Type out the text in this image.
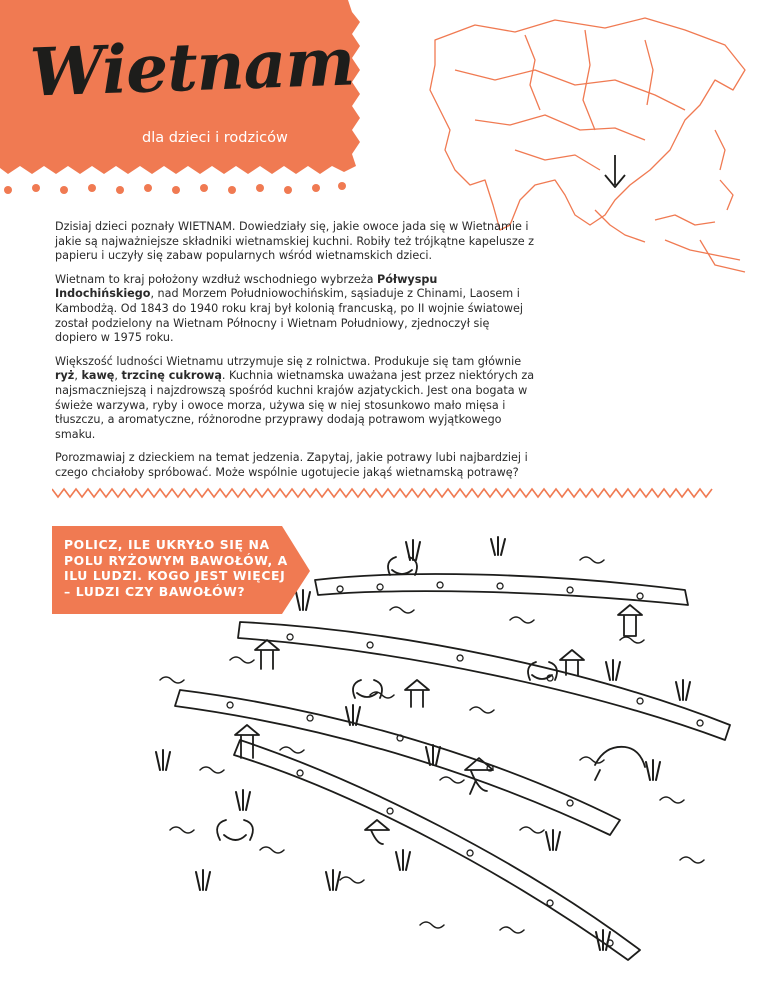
Wietnam
dla dzieci i rodziców

Dzisiaj dzieci poznały WIETNAM. Dowiedziały się, jakie owoce jada się w Wietnamie i jakie są najważniejsze składniki wietnamskiej kuchni. Robiły też trójkątne kapelusze z papieru i uczyły się zabaw popularnych wśród wietnamskich dzieci.

Wietnam to kraj położony wzdłuż wschodniego wybrzeża Półwyspu Indochińskiego, nad Morzem Południowochińskim, sąsiaduje z Chinami, Laosem i Kambodżą. Od 1843 do 1940 roku kraj był kolonią francuską, po II wojnie światowej został podzielony na Wietnam Północny i Wietnam Południowy, zjednoczył się dopiero w 1975 roku.

Większość ludności Wietnamu utrzymuje się z rolnictwa. Produkuje się tam głównie ryż, kawę, trzcinę cukrową. Kuchnia wietnamska uważana jest przez niektórych za najsmaczniejszą i najzdrowszą spośród kuchni krajów azjatyckich. Jest ona bogata w świeże warzywa, ryby i owoce morza, używa się w niej stosunkowo mało mięsa i tłuszczu, a aromatyczne, różnorodne przyprawy dodają potrawom wyjątkowego smaku.

Porozmawiaj z dzieckiem na temat jedzenia. Zapytaj, jakie potrawy lubi najbardziej i czego chciałoby spróbować. Może wspólnie ugotujecie jakąś wietnamską potrawę?

POLICZ, ILE UKRYŁO SIĘ NA POLU RYŻOWYM BAWOŁÓW, A ILU LUDZI. KOGO JEST WIĘCEJ – LUDZI CZY BAWOŁÓW?
